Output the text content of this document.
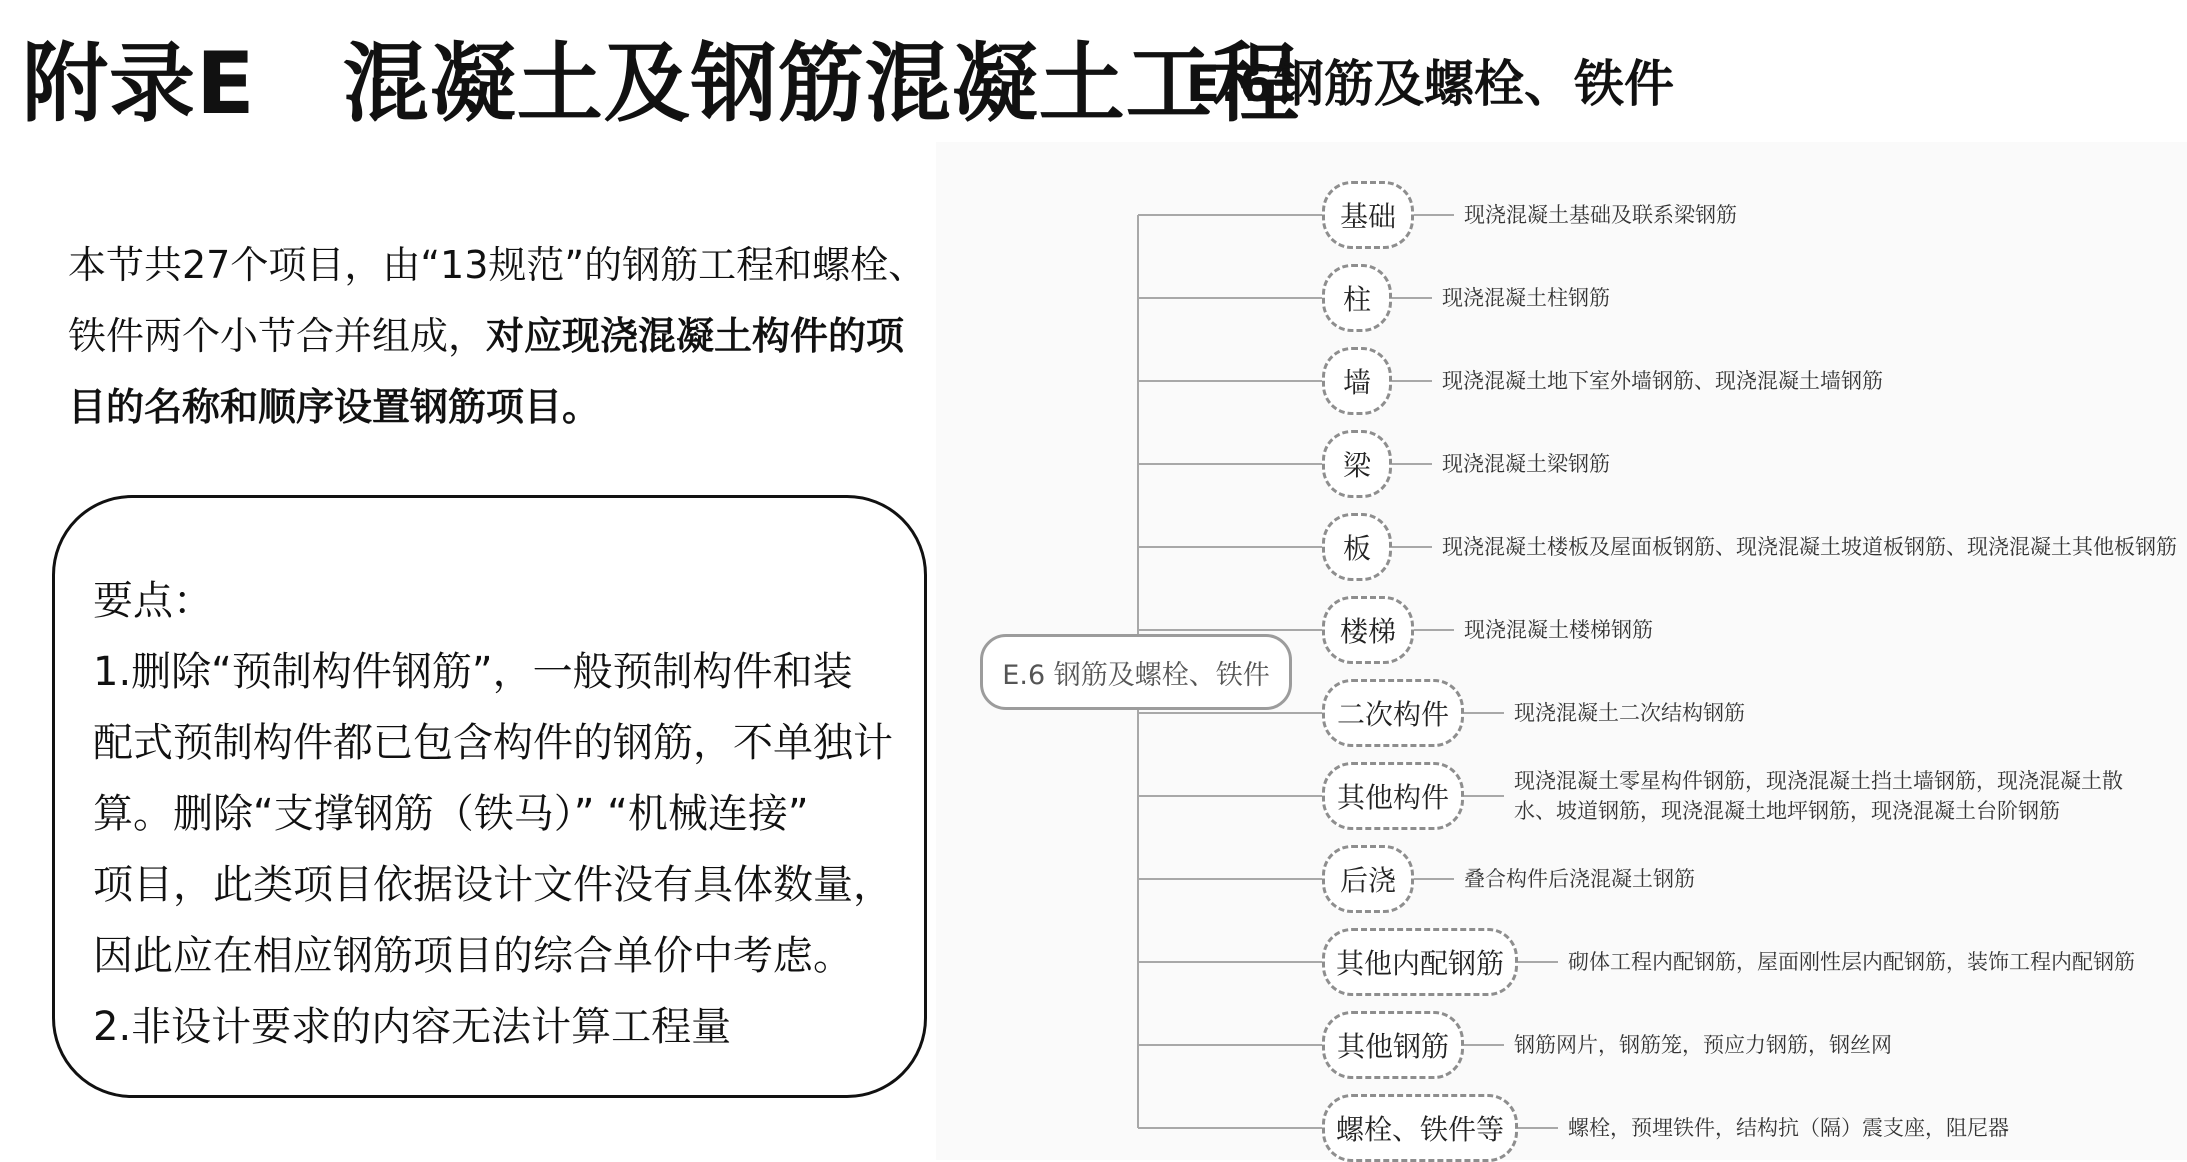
附录E　混凝土及钢筋混凝土工程
E.6钢筋及螺栓、铁件
本节共27个项目，由“13规范”的钢筋工程和螺栓、铁件两个小节合并组成，对应现浇混凝土构件的项目的名称和顺序设置钢筋项目。
要点：
1.删除“预制构件钢筋”，一般预制构件和装
配式预制构件都已包含构件的钢筋，不单独计
算。删除“支撑钢筋（铁马）” “机械连接”
项目，此类项目依据设计文件没有具体数量，
因此应在相应钢筋项目的综合单价中考虑。
2.非设计要求的内容无法计算工程量
E.6 钢筋及螺栓、铁件
基础	现浇混凝土基础及联系梁钢筋
柱	现浇混凝土柱钢筋
墙	现浇混凝土地下室外墙钢筋、现浇混凝土墙钢筋
梁	现浇混凝土梁钢筋
板	现浇混凝土楼板及屋面板钢筋、现浇混凝土坡道板钢筋、现浇混凝土其他板钢筋
楼梯	现浇混凝土楼梯钢筋
二次构件	现浇混凝土二次结构钢筋
其他构件	现浇混凝土零星构件钢筋，现浇混凝土挡土墙钢筋，现浇混凝土散
水、坡道钢筋，现浇混凝土地坪钢筋，现浇混凝土台阶钢筋
后浇	叠合构件后浇混凝土钢筋
其他内配钢筋	砌体工程内配钢筋，屋面刚性层内配钢筋，装饰工程内配钢筋
其他钢筋	钢筋网片，钢筋笼，预应力钢筋，钢丝网
螺栓、铁件等	螺栓，预埋铁件，结构抗（隔）震支座，阻尼器
